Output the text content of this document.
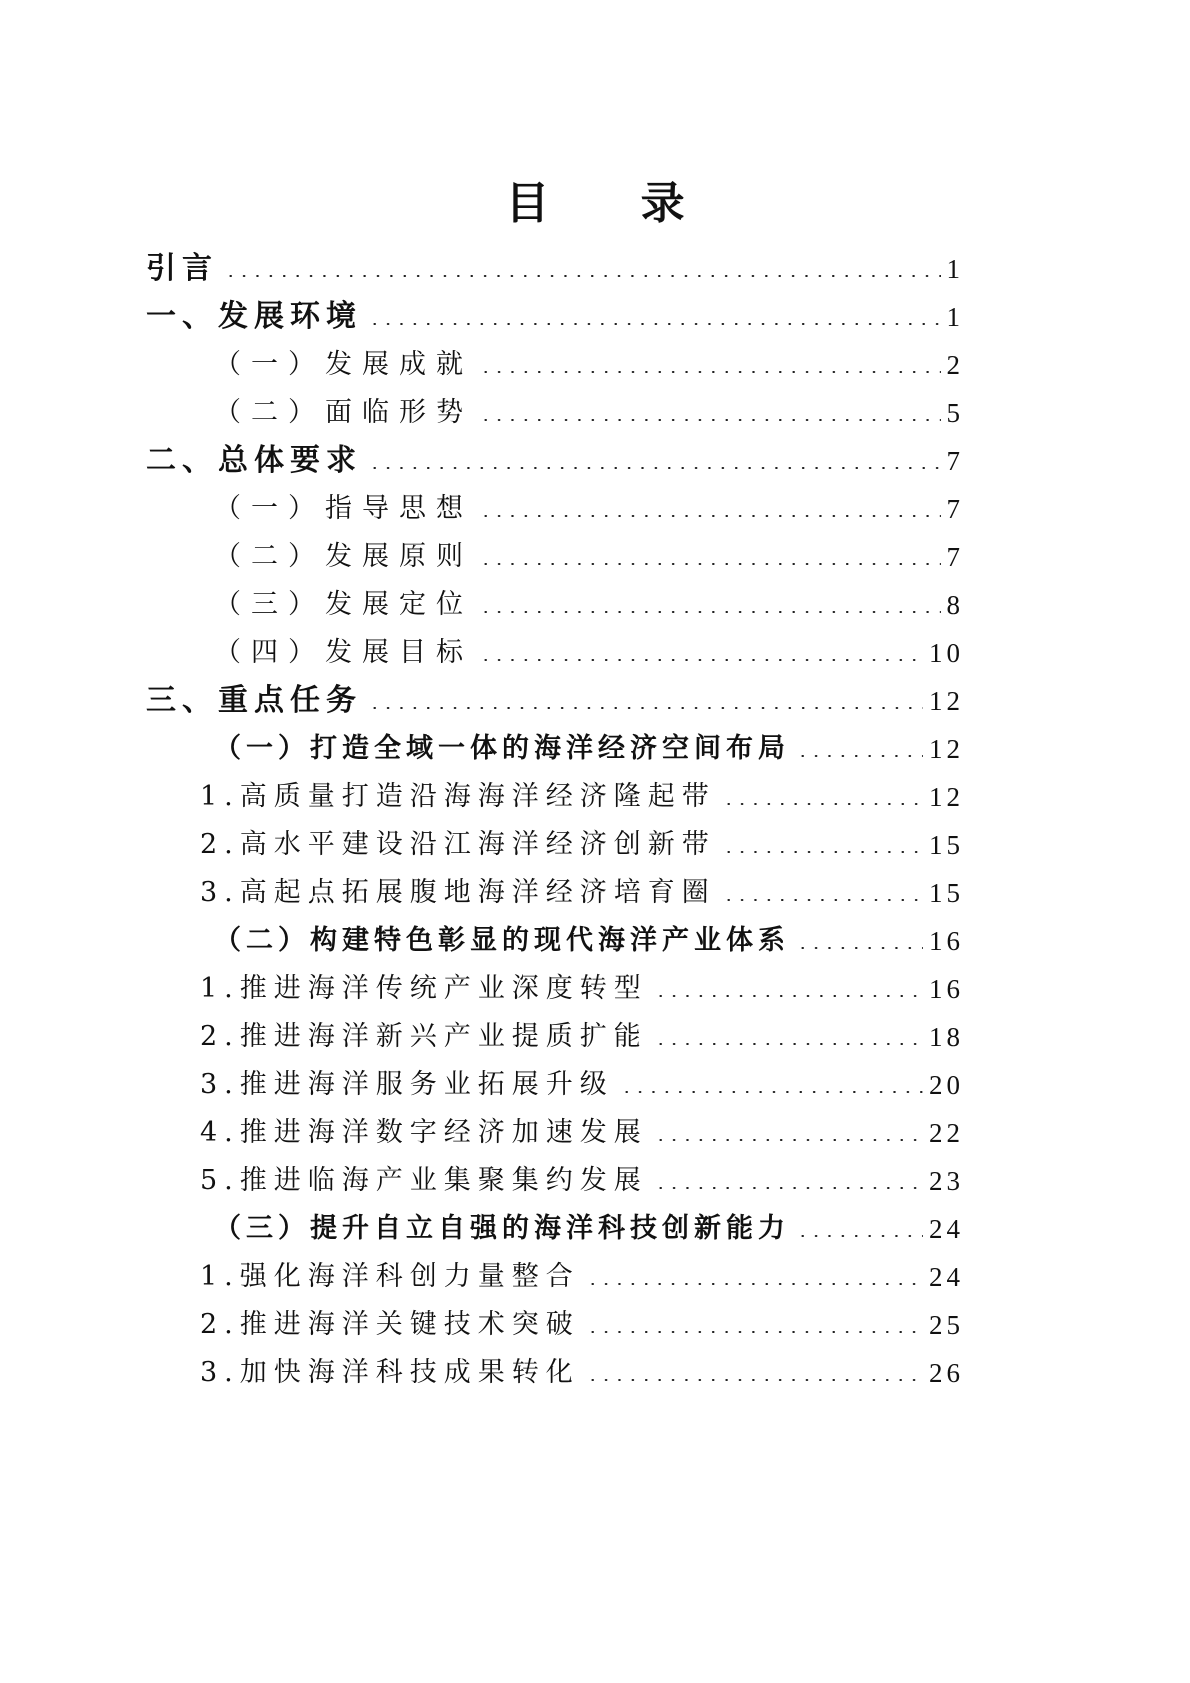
目 录
引言	1
一、发展环境	1
（一）发展成就	2
（二）面临形势	5
二、总体要求	7
（一）指导思想	7
（二）发展原则	7
（三）发展定位	8
（四）发展目标	10
三、重点任务	12
（一）打造全域一体的海洋经济空间布局	12
1.高质量打造沿海海洋经济隆起带	12
2.高水平建设沿江海洋经济创新带	15
3.高起点拓展腹地海洋经济培育圈	15
（二）构建特色彰显的现代海洋产业体系	16
1.推进海洋传统产业深度转型	16
2.推进海洋新兴产业提质扩能	18
3.推进海洋服务业拓展升级	20
4.推进海洋数字经济加速发展	22
5.推进临海产业集聚集约发展	23
（三）提升自立自强的海洋科技创新能力	24
1.强化海洋科创力量整合	24
2.推进海洋关键技术突破	25
3.加快海洋科技成果转化	26
